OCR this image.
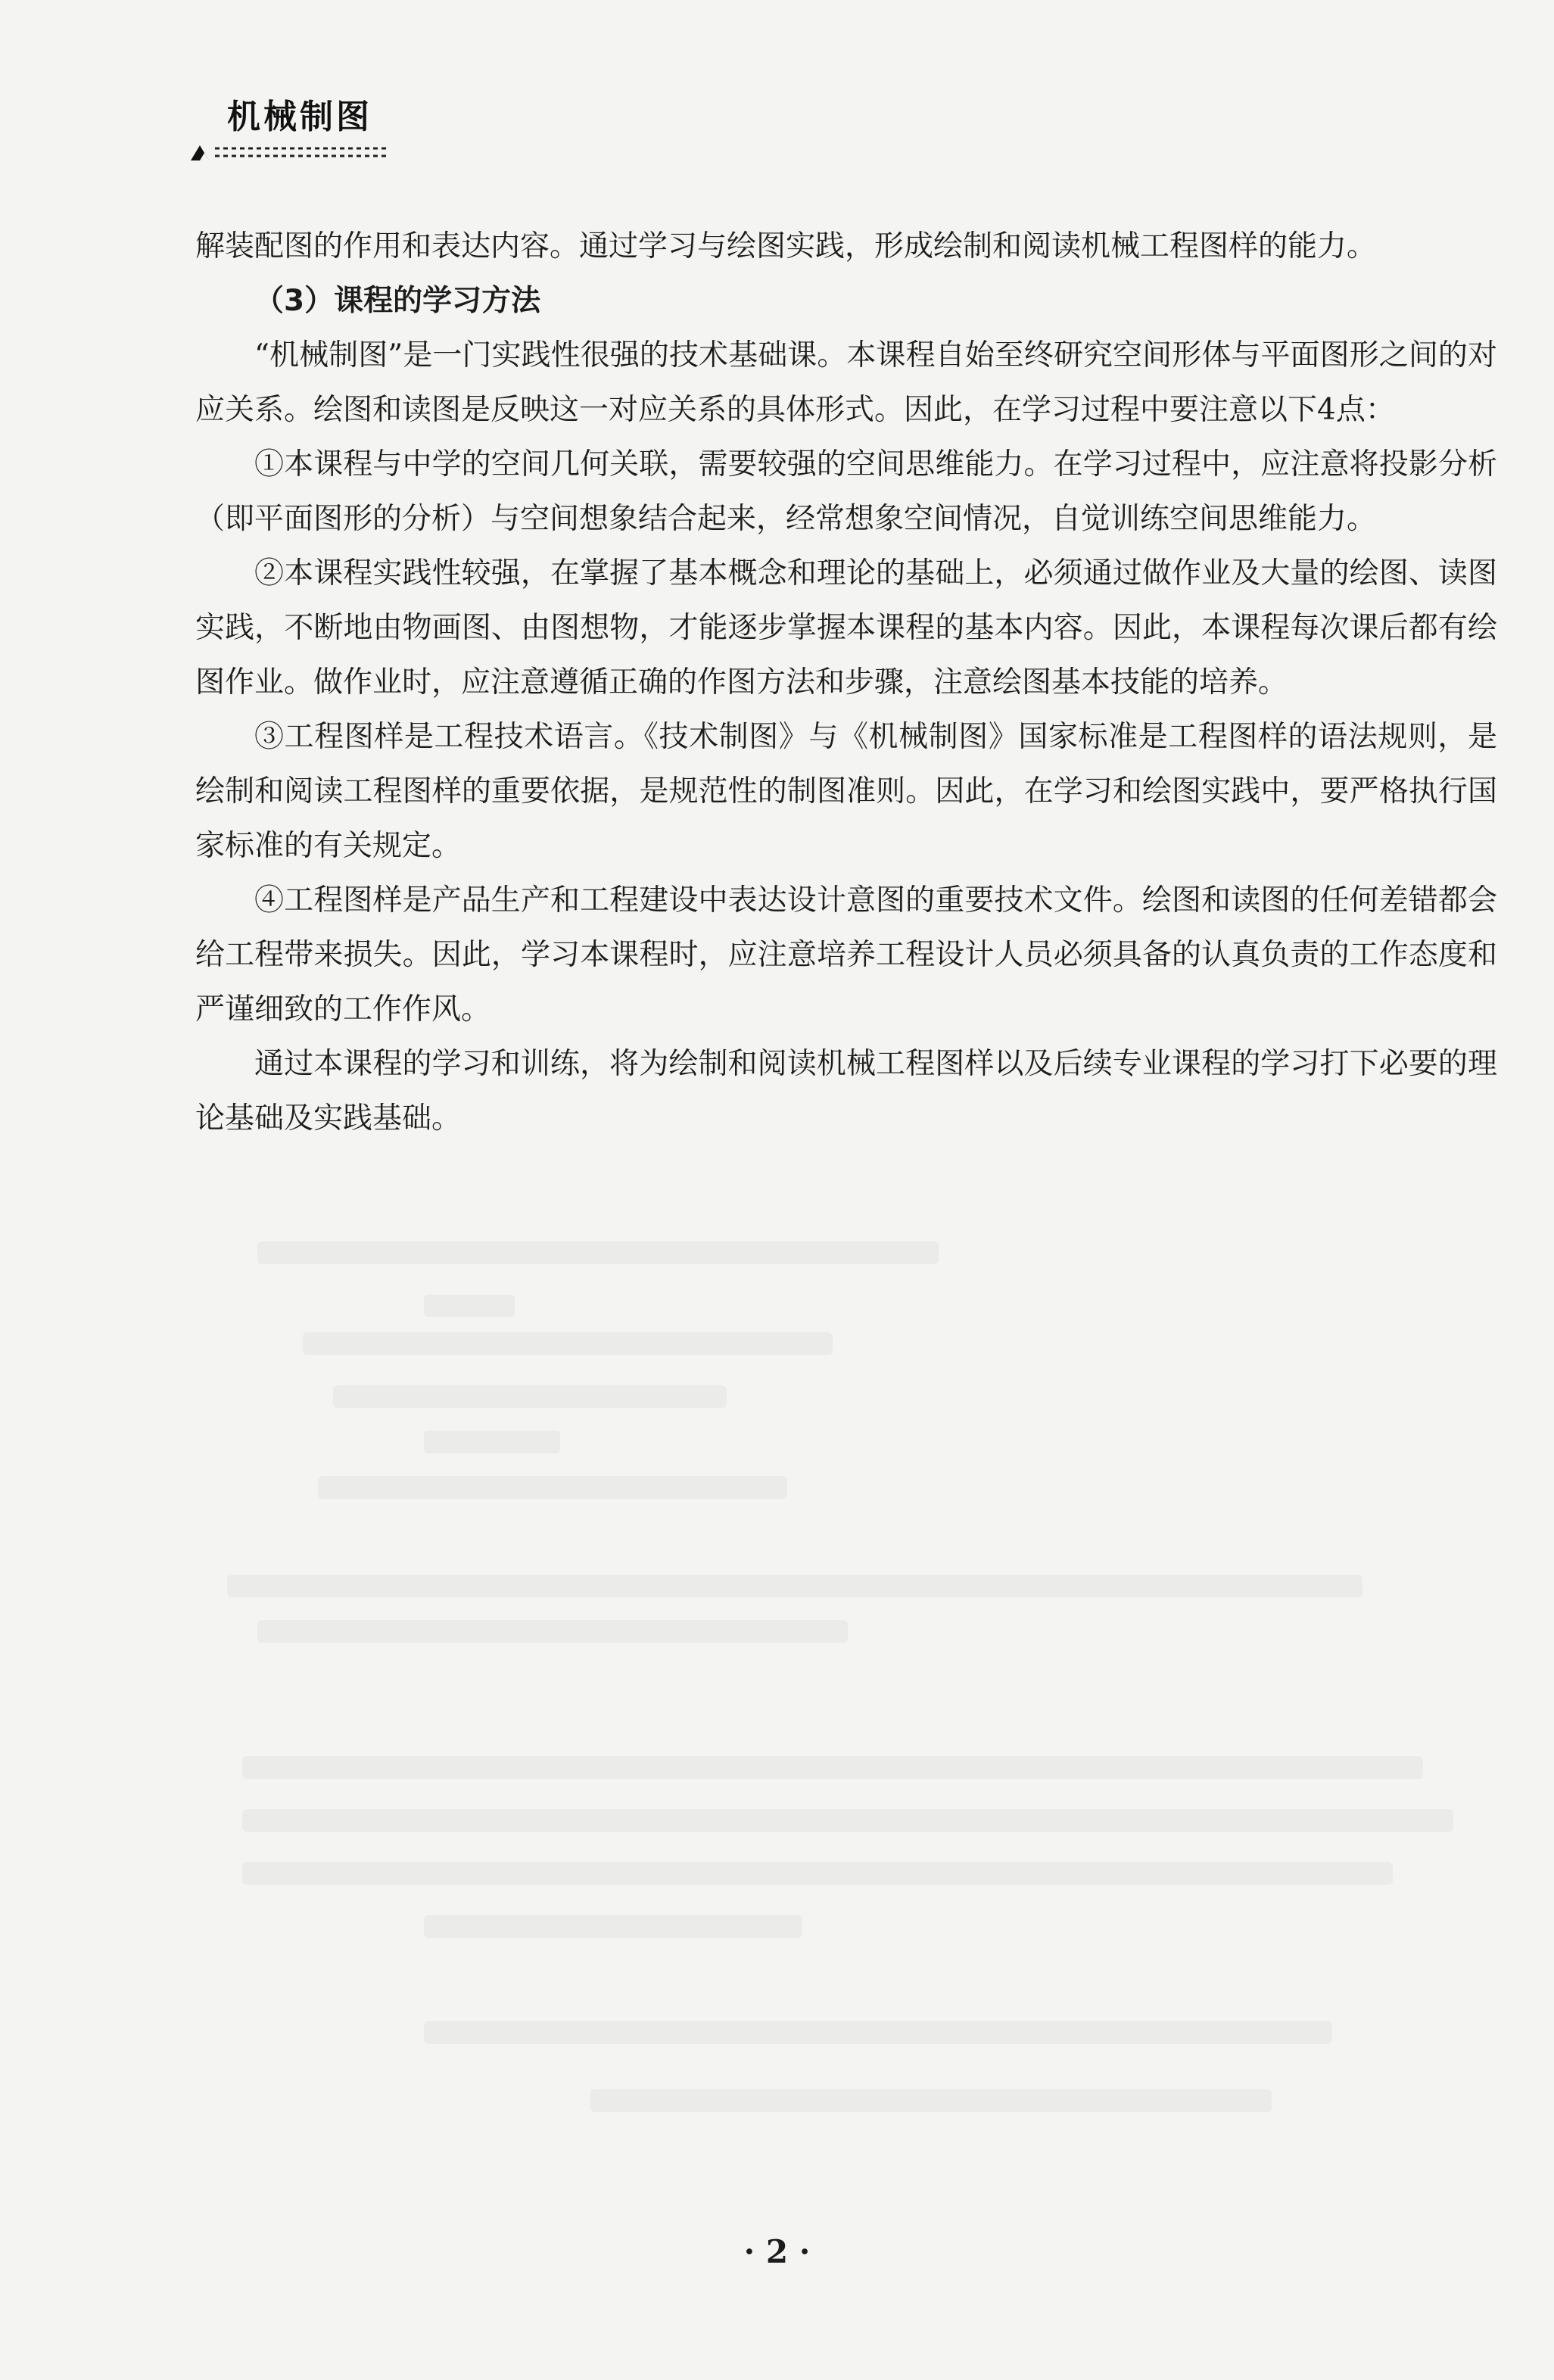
机械制图

解装配图的作用和表达内容。通过学习与绘图实践，形成绘制和阅读机械工程图样的能力。

（3）课程的学习方法

“机械制图”是一门实践性很强的技术基础课。本课程自始至终研究空间形体与平面图形之间的对应关系。绘图和读图是反映这一对应关系的具体形式。因此，在学习过程中要注意以下4点：

①本课程与中学的空间几何关联，需要较强的空间思维能力。在学习过程中，应注意将投影分析（即平面图形的分析）与空间想象结合起来，经常想象空间情况，自觉训练空间思维能力。

②本课程实践性较强，在掌握了基本概念和理论的基础上，必须通过做作业及大量的绘图、读图实践，不断地由物画图、由图想物，才能逐步掌握本课程的基本内容。因此，本课程每次课后都有绘图作业。做作业时，应注意遵循正确的作图方法和步骤，注意绘图基本技能的培养。

③工程图样是工程技术语言。《技术制图》与《机械制图》国家标准是工程图样的语法规则，是绘制和阅读工程图样的重要依据，是规范性的制图准则。因此，在学习和绘图实践中，要严格执行国家标准的有关规定。

④工程图样是产品生产和工程建设中表达设计意图的重要技术文件。绘图和读图的任何差错都会给工程带来损失。因此，学习本课程时，应注意培养工程设计人员必须具备的认真负责的工作态度和严谨细致的工作作风。

通过本课程的学习和训练，将为绘制和阅读机械工程图样以及后续专业课程的学习打下必要的理论基础及实践基础。

· 2 ·
